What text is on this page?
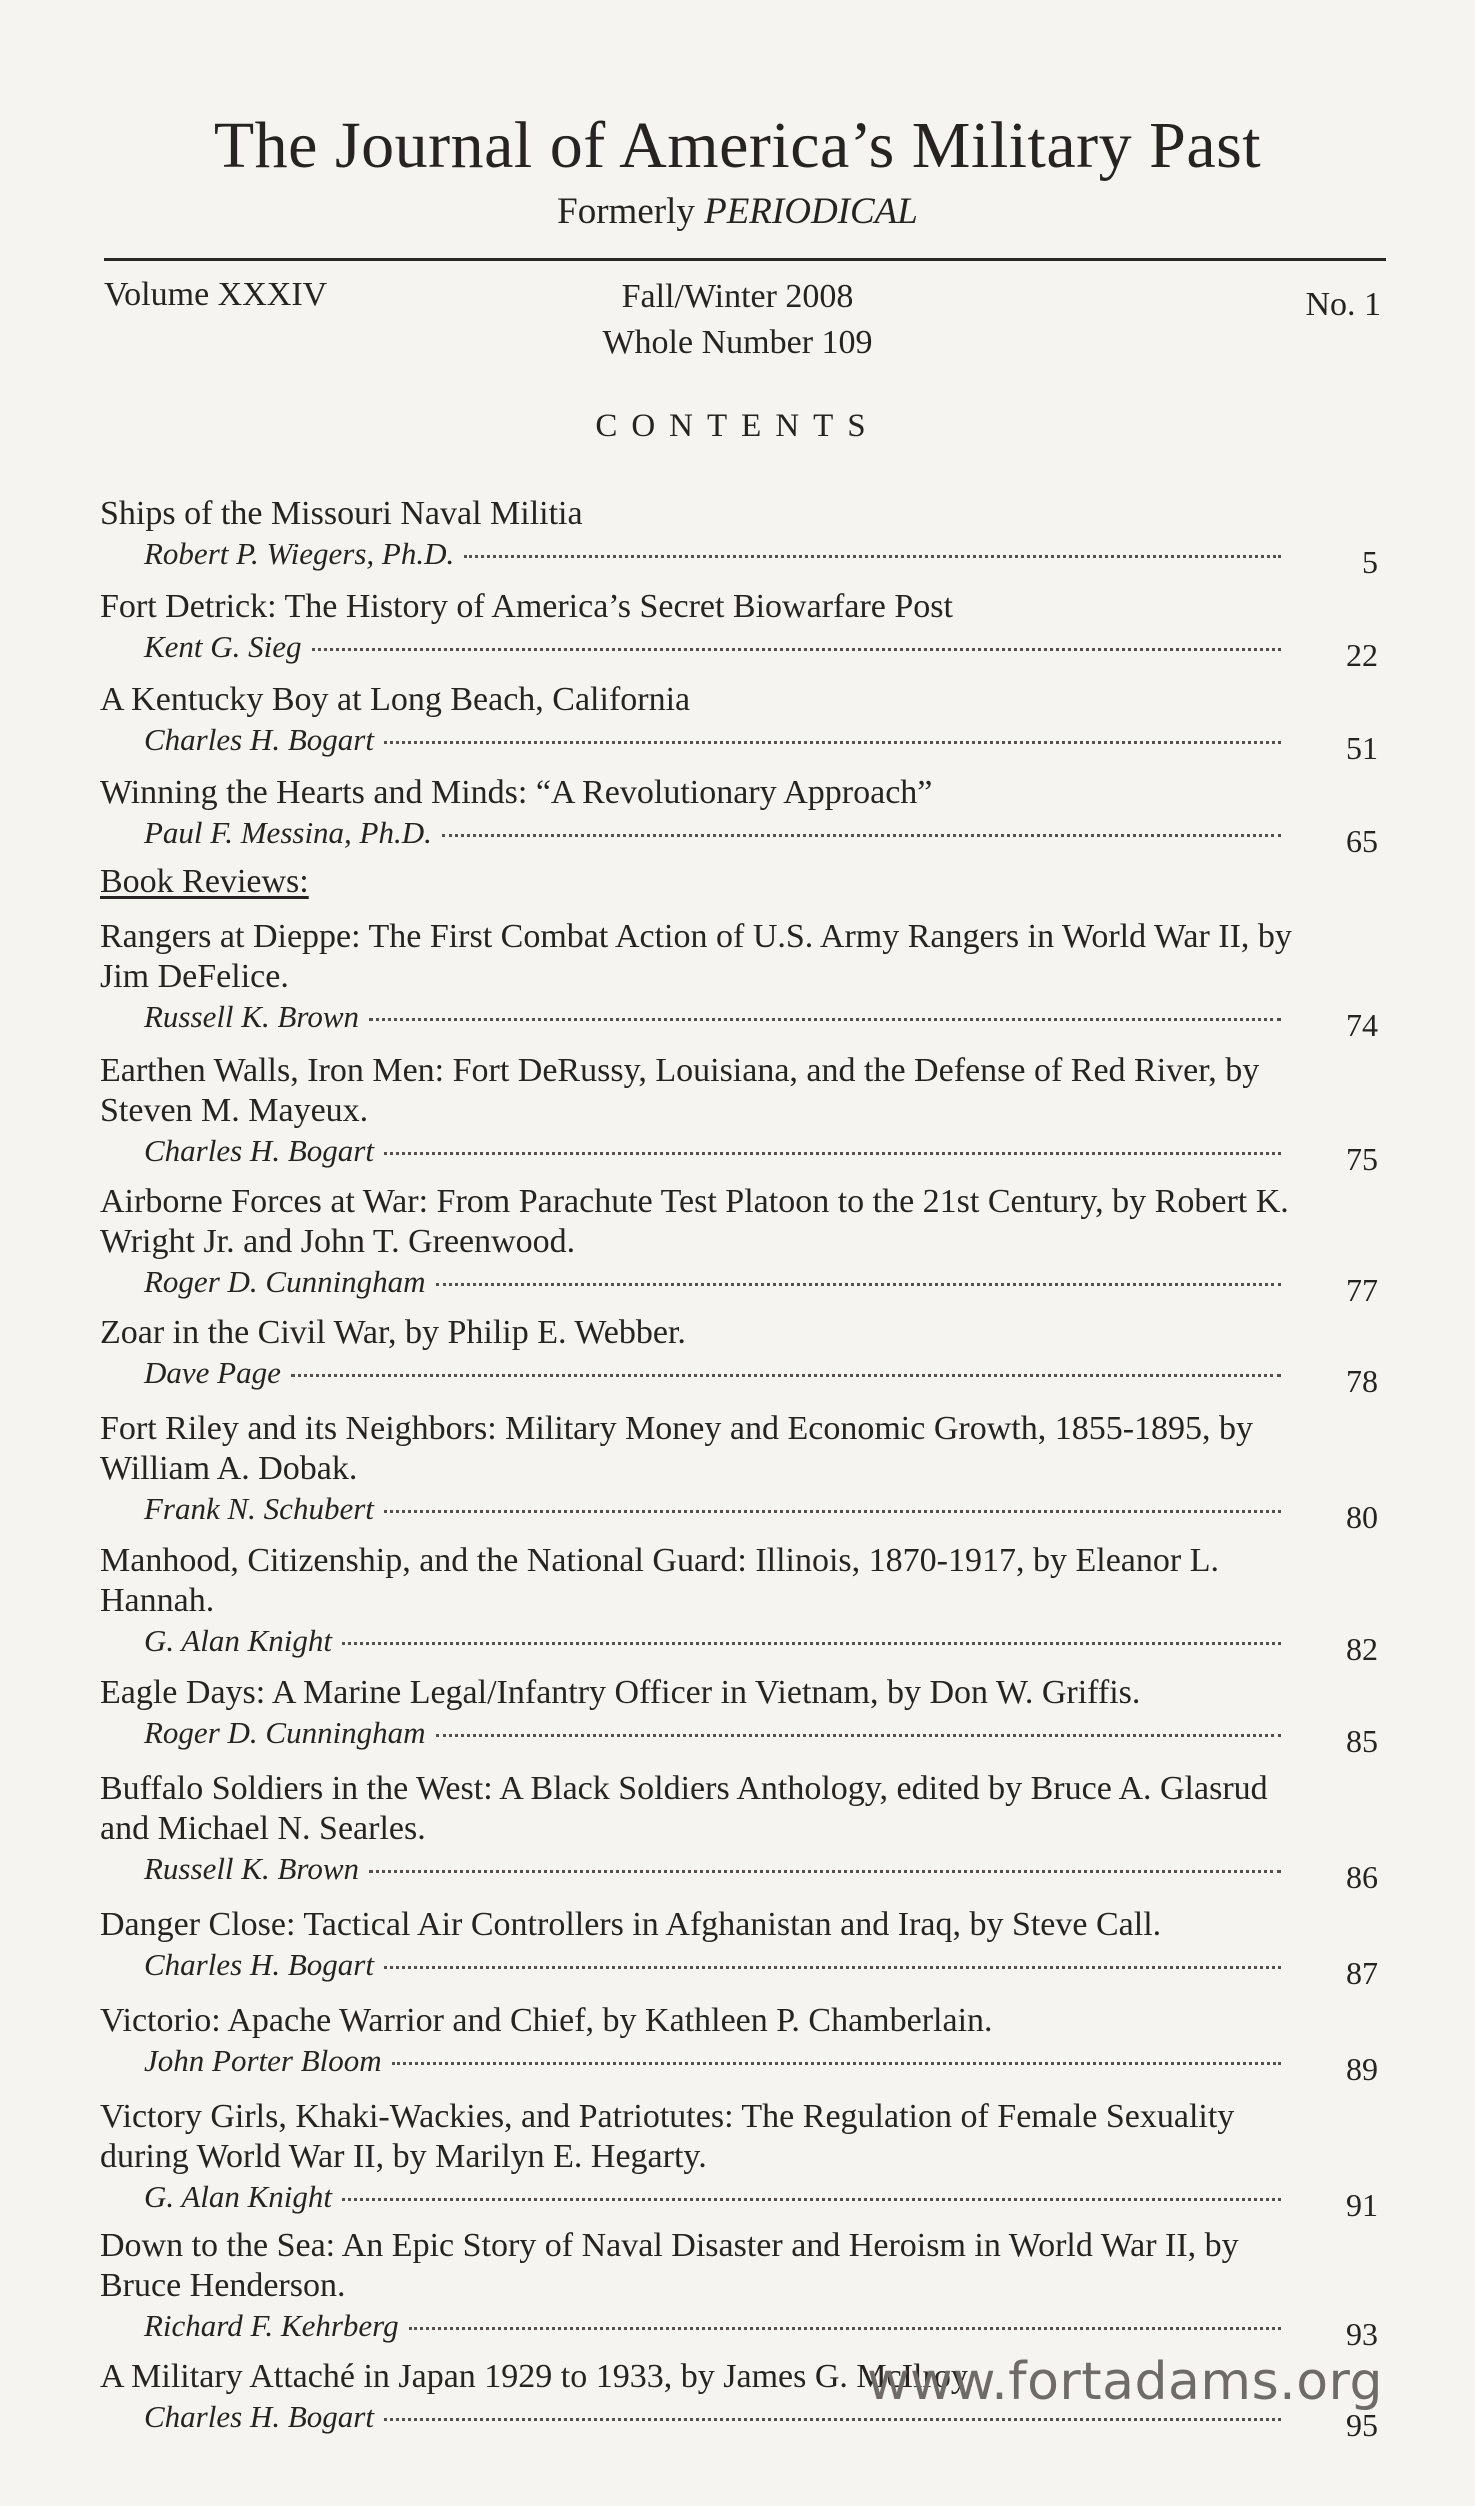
The Journal of America’s Military Past
Formerly PERIODICAL
Volume XXXIV	Fall/Winter 2008
Whole Number 109
No. 1
CONTENTS
Ships of the Missouri Naval Militia
Robert P. Wiegers, Ph.D.	5
Fort Detrick: The History of America’s Secret Biowarfare Post
Kent G. Sieg	22
A Kentucky Boy at Long Beach, California
Charles H. Bogart	51
Winning the Hearts and Minds: “A Revolutionary Approach”
Paul F. Messina, Ph.D.	65
Book Reviews:
Rangers at Dieppe: The First Combat Action of U.S. Army Rangers in World War II, by Jim DeFelice.
Russell K. Brown	74
Earthen Walls, Iron Men: Fort DeRussy, Louisiana, and the Defense of Red River, by Steven M. Mayeux.
Charles H. Bogart	75
Airborne Forces at War: From Parachute Test Platoon to the 21st Century, by Robert K. Wright Jr. and John T. Greenwood.
Roger D. Cunningham	77
Zoar in the Civil War, by Philip E. Webber.
Dave Page	78
Fort Riley and its Neighbors: Military Money and Economic Growth, 1855-1895, by William A. Dobak.
Frank N. Schubert	80
Manhood, Citizenship, and the National Guard: Illinois, 1870-1917, by Eleanor L. Hannah.
G. Alan Knight	82
Eagle Days: A Marine Legal/Infantry Officer in Vietnam, by Don W. Griffis.
Roger D. Cunningham	85
Buffalo Soldiers in the West: A Black Soldiers Anthology, edited by Bruce A. Glasrud and Michael N. Searles.
Russell K. Brown	86
Danger Close: Tactical Air Controllers in Afghanistan and Iraq, by Steve Call.
Charles H. Bogart	87
Victorio: Apache Warrior and Chief, by Kathleen P. Chamberlain.
John Porter Bloom	89
Victory Girls, Khaki-Wackies, and Patriotutes: The Regulation of Female Sexuality during World War II, by Marilyn E. Hegarty.
G. Alan Knight	91
Down to the Sea: An Epic Story of Naval Disaster and Heroism in World War II, by Bruce Henderson.
Richard F. Kehrberg	93
A Military Attaché in Japan 1929 to 1933, by James G. McIlroy.
Charles H. Bogart	95
www.fortadams.org
